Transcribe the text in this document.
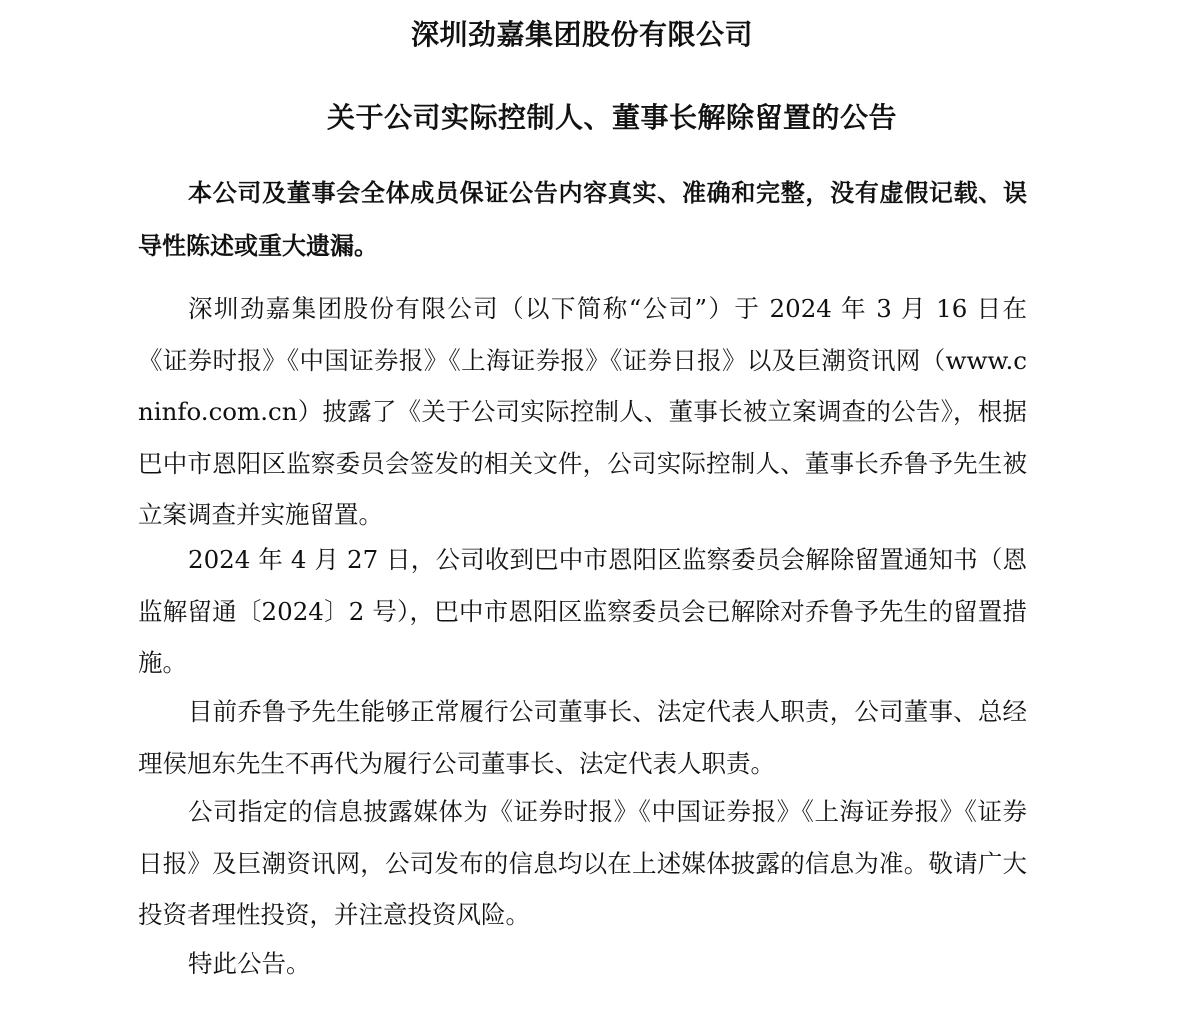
深圳劲嘉集团股份有限公司
关于公司实际控制人、董事长解除留置的公告

本公司及董事会全体成员保证公告内容真实、准确和完整，没有虚假记载、误导性陈述或重大遗漏。

深圳劲嘉集团股份有限公司（以下简称“公司”）于 2024 年 3 月 16 日在《证券时报》《中国证券报》《上海证券报》《证券日报》以及巨潮资讯网（www.cninfo.com.cn）披露了《关于公司实际控制人、董事长被立案调查的公告》，根据巴中市恩阳区监察委员会签发的相关文件，公司实际控制人、董事长乔鲁予先生被立案调查并实施留置。

2024 年 4 月 27 日，公司收到巴中市恩阳区监察委员会解除留置通知书（恩监解留通〔2024〕2 号），巴中市恩阳区监察委员会已解除对乔鲁予先生的留置措施。

目前乔鲁予先生能够正常履行公司董事长、法定代表人职责，公司董事、总经理侯旭东先生不再代为履行公司董事长、法定代表人职责。

公司指定的信息披露媒体为《证券时报》《中国证券报》《上海证券报》《证券日报》及巨潮资讯网，公司发布的信息均以在上述媒体披露的信息为准。敬请广大投资者理性投资，并注意投资风险。

特此公告。
